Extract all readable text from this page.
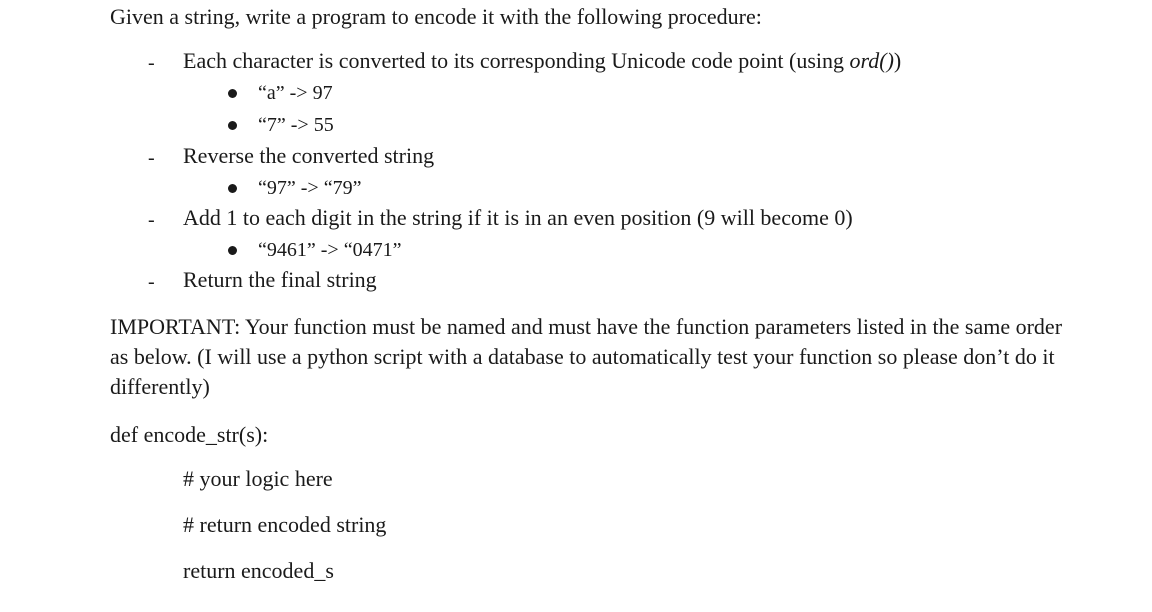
Given a string, write a program to encode it with the following procedure:
- Each character is converted to its corresponding Unicode code point (using ord())
“a” -> 97
“7” -> 55
- Reverse the converted string
“97” -> “79”
- Add 1 to each digit in the string if it is in an even position (9 will become 0)
“9461” -> “0471”
- Return the final string
IMPORTANT: Your function must be named and must have the function parameters listed in the same order as below. (I will use a python script with a database to automatically test your function so please don’t do it differently)
def encode_str(s):
# your logic here
# return encoded string
return encoded_s
